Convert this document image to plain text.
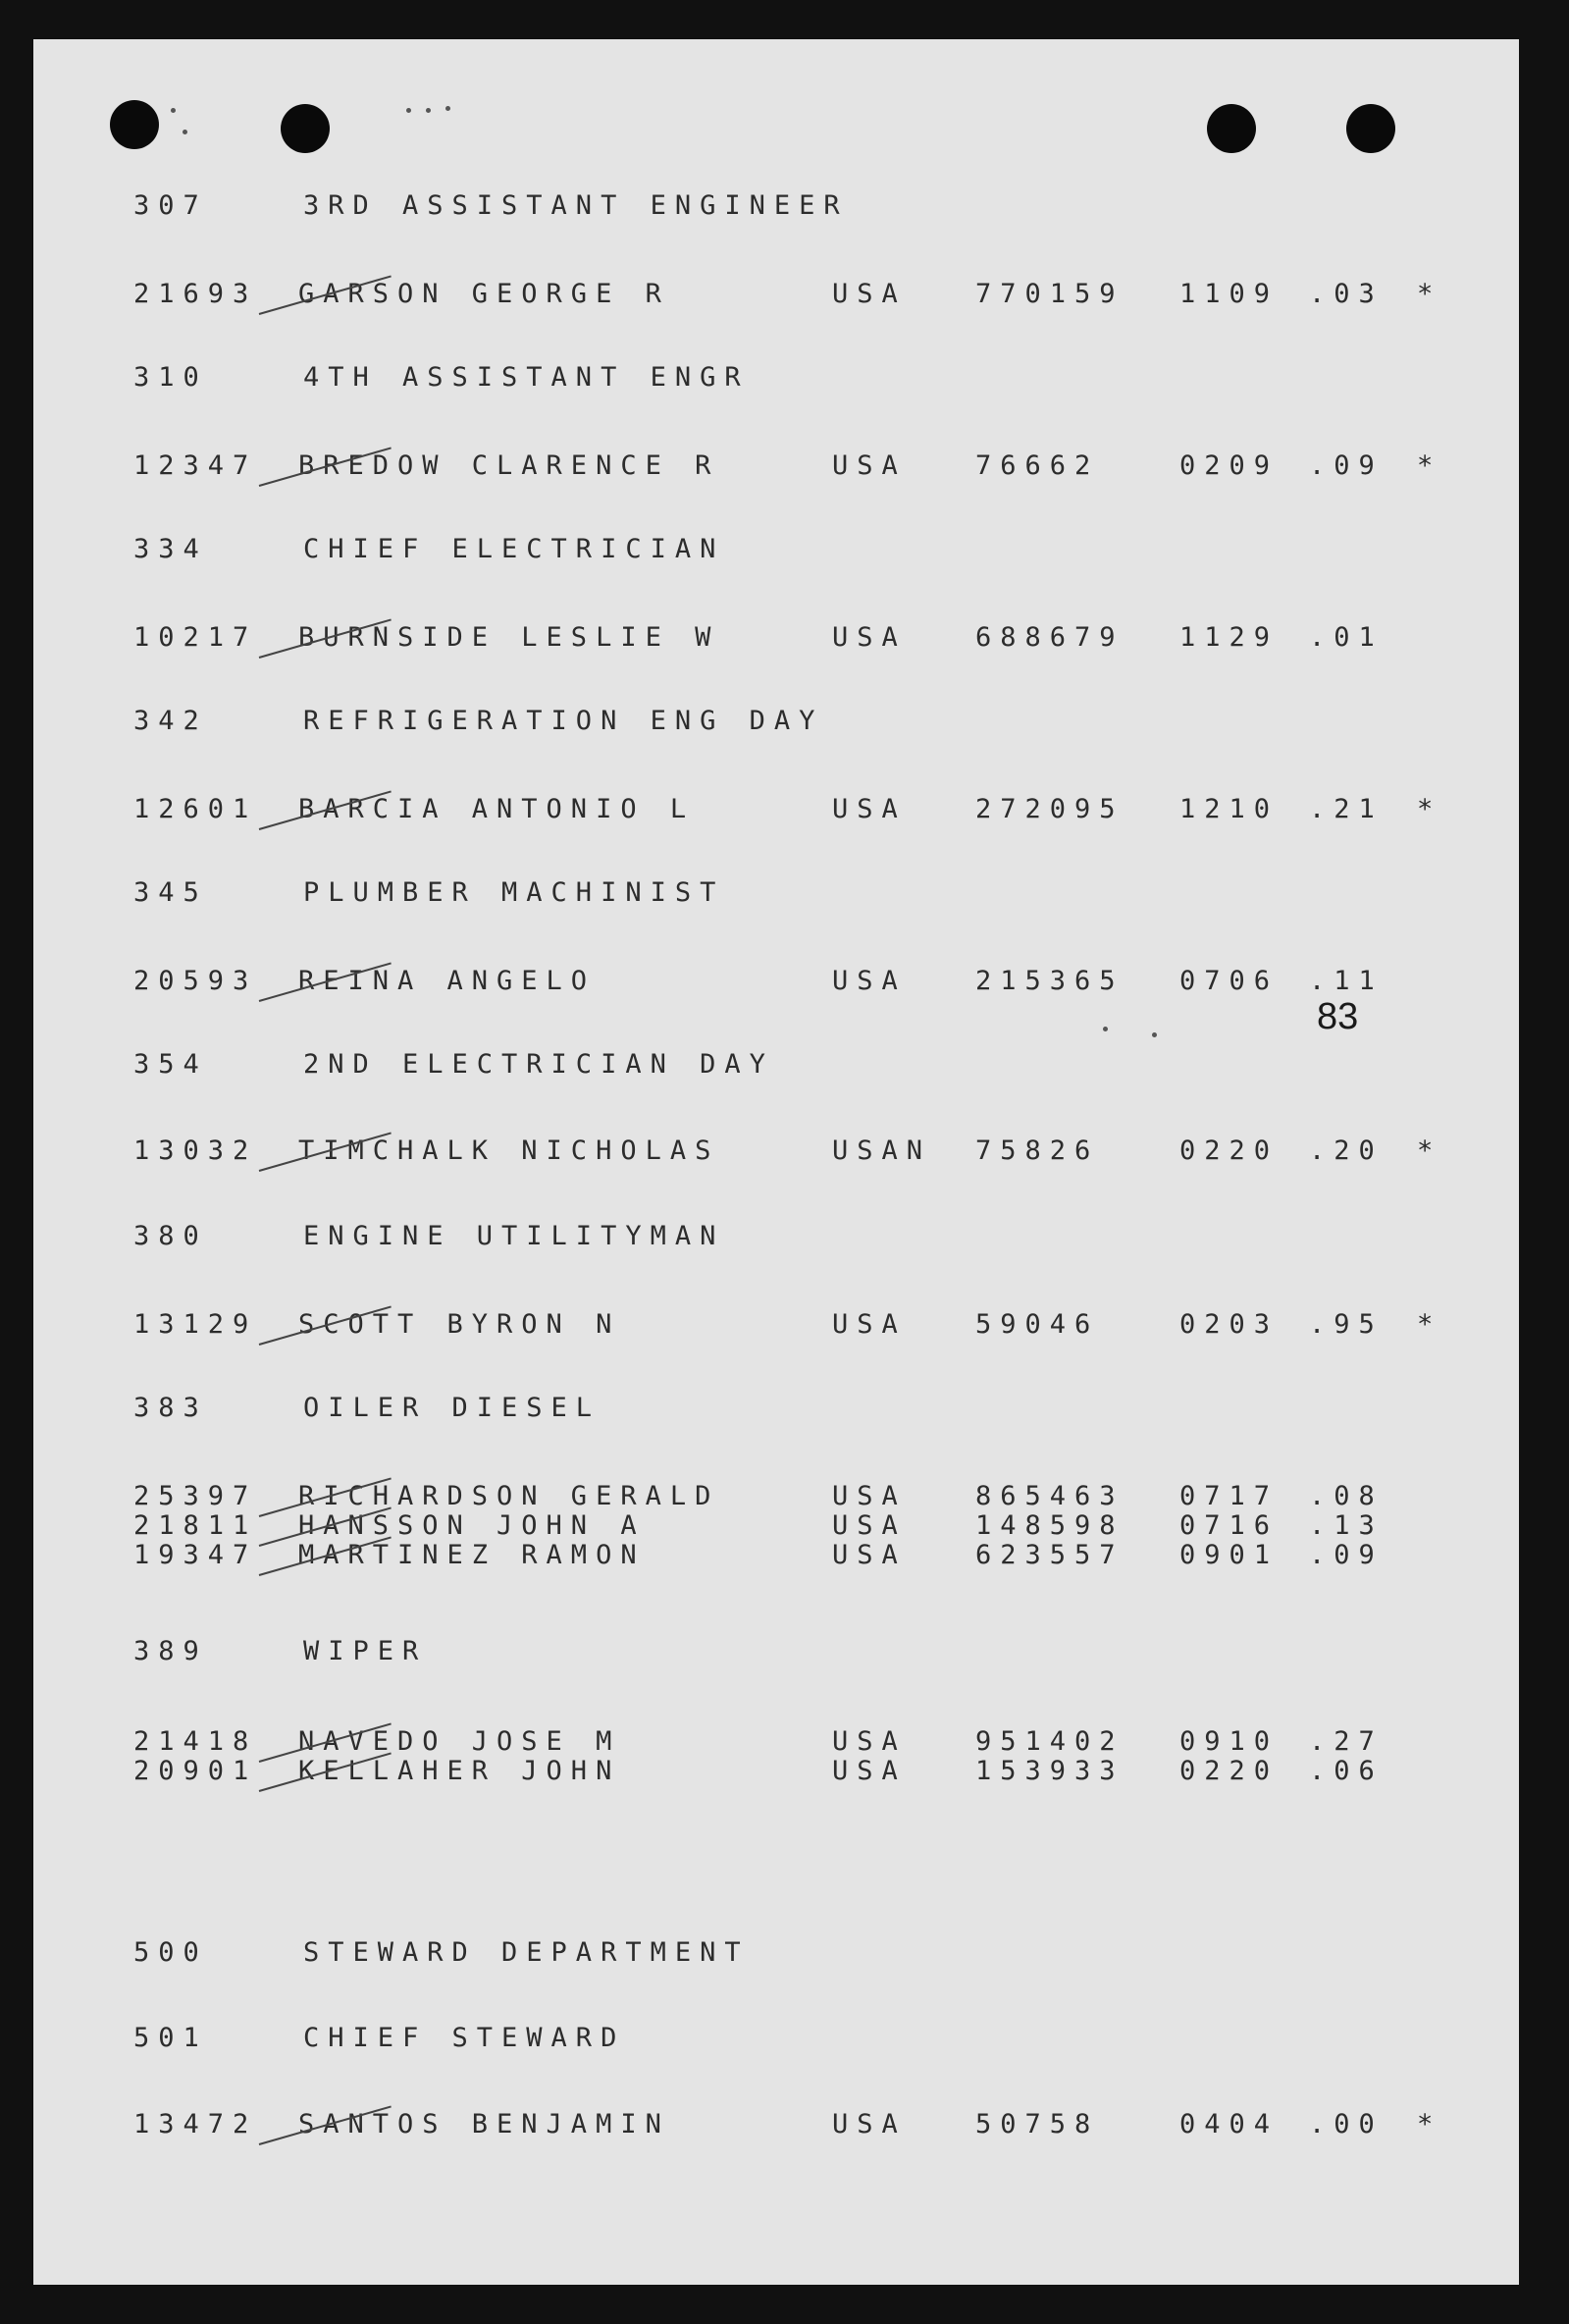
83
307	3RD ASSISTANT ENGINEER
21693 GARSON GEORGE R	USA	770159 1109 .03 *
310	4TH ASSISTANT ENGR
12347 BREDOW CLARENCE R	USA	76662	0209 .09 *
334	CHIEF ELECTRICIAN
10217 BURNSIDE LESLIE W	USA	688679 1129 .01
342	REFRIGERATION ENG DAY
12601 BARCIA ANTONIO L	USA	272095 1210 .21 *
345	PLUMBER MACHINIST
20593 REINA ANGELO	USA	215365 0706 .11
354	2ND ELECTRICIAN DAY
13032 TIMCHALK NICHOLAS	USAN 75826	0220 .20 *
380	ENGINE UTILITYMAN
13129 SCOTT BYRON N	USA	59046	0203 .95 *
383	OILER DIESEL
25397 RICHARDSON GERALD	USA	865463 0717 .08
21811 HANSSON JOHN A	USA	148598 0716 .13
19347 MARTINEZ RAMON	USA	623557 0901 .09
389	WIPER
21418 NAVEDO JOSE M	USA	951402 0910 .27
20901 KELLAHER JOHN	USA	153933 0220 .06
500	STEWARD DEPARTMENT
501	CHIEF STEWARD
13472 SANTOS BENJAMIN	USA	50758	0404 .00 *
